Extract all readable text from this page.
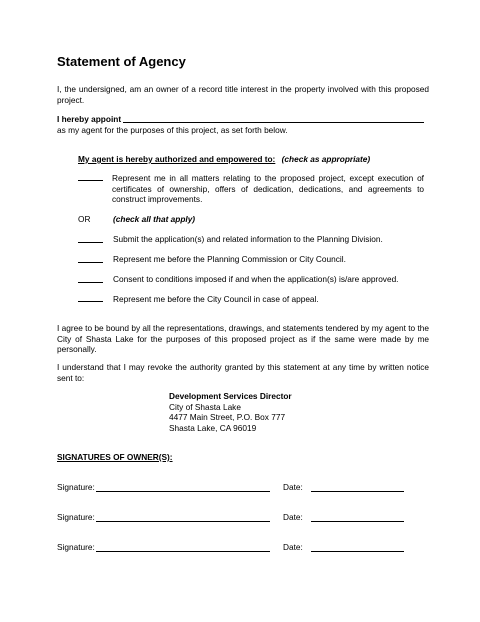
Statement of Agency
I, the undersigned, am an owner of a record title interest in the property involved with this proposed project.
I hereby appoint
as my agent for the purposes of this project, as set forth below.
My agent is hereby authorized and empowered to: (check as appropriate)
Represent me in all matters relating to the proposed project, except execution of certificates of ownership, offers of dedication, dedications, and agreements to construct improvements.
OR	(check all that apply)
Submit the application(s) and related information to the Planning Division.
Represent me before the Planning Commission or City Council.
Consent to conditions imposed if and when the application(s) is/are approved.
Represent me before the City Council in case of appeal.
I agree to be bound by all the representations, drawings, and statements tendered by my agent to the City of Shasta Lake for the purposes of this proposed project as if the same were made by me personally.
I understand that I may revoke the authority granted by this statement at any time by written notice sent to:
Development Services Director
City of Shasta Lake
4477 Main Street, P.O. Box 777
Shasta Lake, CA 96019
SIGNATURES OF OWNER(S):
Signature:	Date:
Signature:	Date:
Signature:	Date:
